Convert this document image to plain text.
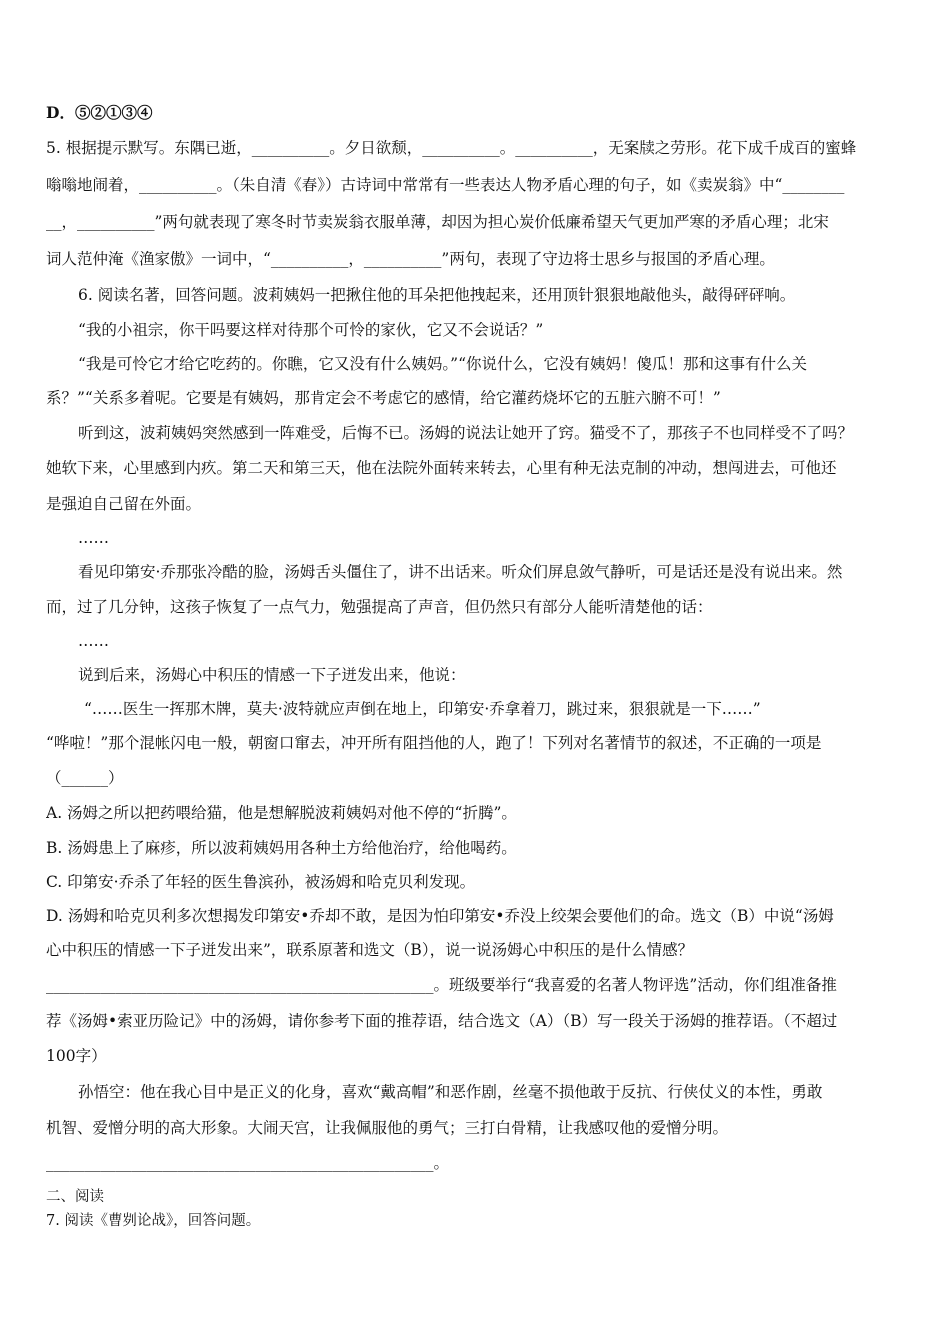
D．⑤②①③④
5. 根据提示默写。东隅已逝，__________。夕日欲颓，__________。__________，无案牍之劳形。花下成千成百的蜜蜂
嗡嗡地闹着，__________。（朱自清《春》）古诗词中常常有一些表达人物矛盾心理的句子，如《卖炭翁》中“________
__，__________”两句就表现了寒冬时节卖炭翁衣服单薄，却因为担心炭价低廉希望天气更加严寒的矛盾心理；北宋
词人范仲淹《渔家傲》一词中，“__________，__________”两句，表现了守边将士思乡与报国的矛盾心理。
6. 阅读名著，回答问题。波莉姨妈一把揪住他的耳朵把他拽起来，还用顶针狠狠地敲他头，敲得砰砰响。
“我的小祖宗，你干吗要这样对待那个可怜的家伙，它又不会说话？”
“我是可怜它才给它吃药的。你瞧，它又没有什么姨妈。”“你说什么，它没有姨妈！傻瓜！那和这事有什么关
系？”“关系多着呢。它要是有姨妈，那肯定会不考虑它的感情，给它灌药烧坏它的五脏六腑不可！”
听到这，波莉姨妈突然感到一阵难受，后悔不已。汤姆的说法让她开了窍。猫受不了，那孩子不也同样受不了吗？
她软下来，心里感到内疚。第二天和第三天，他在法院外面转来转去，心里有种无法克制的冲动，想闯进去，可他还
是强迫自己留在外面。
……
看见印第安·乔那张冷酷的脸，汤姆舌头僵住了，讲不出话来。听众们屏息敛气静听，可是话还是没有说出来。然
而，过了几分钟，这孩子恢复了一点气力，勉强提高了声音，但仍然只有部分人能听清楚他的话：
……
说到后来，汤姆心中积压的情感一下子迸发出来，他说：
“……医生一挥那木牌，莫夫·波特就应声倒在地上，印第安·乔拿着刀，跳过来，狠狠就是一下……”
“哗啦！”那个混帐闪电一般，朝窗口窜去，冲开所有阻挡他的人，跑了！下列对名著情节的叙述，不正确的一项是
（______）
A. 汤姆之所以把药喂给猫，他是想解脱波莉姨妈对他不停的“折腾”。
B. 汤姆患上了麻疹，所以波莉姨妈用各种土方给他治疗，给他喝药。
C. 印第安·乔杀了年轻的医生鲁滨孙，被汤姆和哈克贝利发现。
D. 汤姆和哈克贝利多次想揭发印第安•乔却不敢，是因为怕印第安•乔没上绞架会要他们的命。选文（B）中说“汤姆
心中积压的情感一下子迸发出来”，联系原著和选文（B），说一说汤姆心中积压的是什么情感？
__________________________________________________。班级要举行“我喜爱的名著人物评选”活动，你们组准备推
荐《汤姆•索亚历险记》中的汤姆，请你参考下面的推荐语，结合选文（A）（B）写一段关于汤姆的推荐语。（不超过
100字）
孙悟空：他在我心目中是正义的化身，喜欢“戴高帽”和恶作剧，丝毫不损他敢于反抗、行侠仗义的本性，勇敢
机智、爱憎分明的高大形象。大闹天宫，让我佩服他的勇气；三打白骨精，让我感叹他的爱憎分明。
__________________________________________________。
二、阅读
7. 阅读《曹刿论战》，回答问题。
